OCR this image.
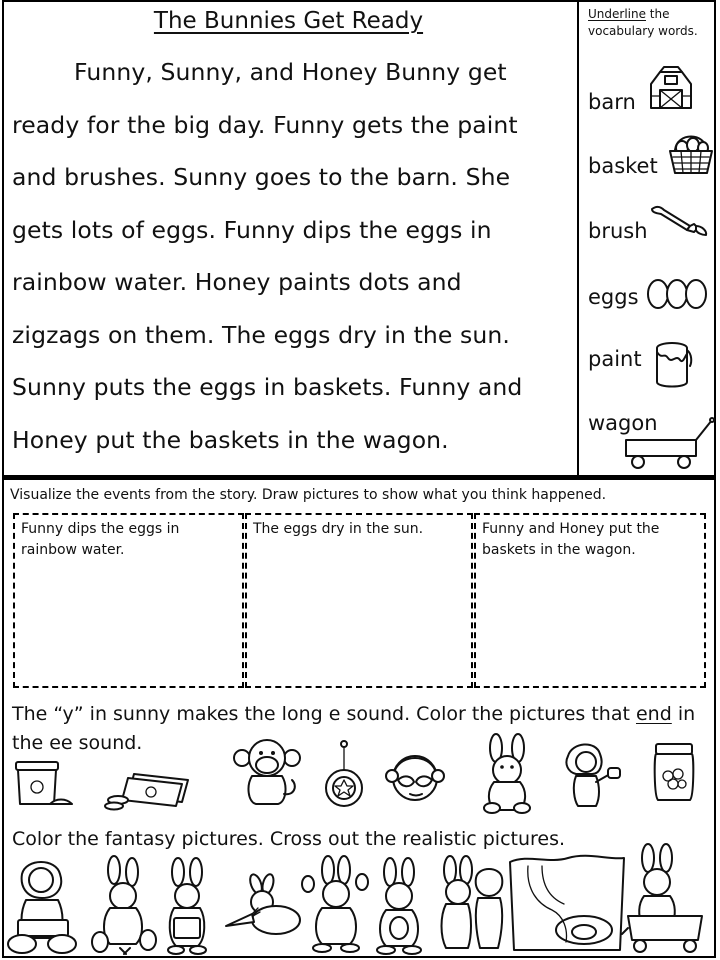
The Bunnies Get Ready
Funny, Sunny, and Honey Bunny get
ready for the big day. Funny gets the paint
and brushes. Sunny goes to the barn. She
gets lots of eggs. Funny dips the eggs in
rainbow water. Honey paints dots and
zigzags on them. The eggs dry in the sun.
Sunny puts the eggs in baskets. Funny and
Honey put the baskets in the wagon.
Underline the vocabulary words.
barn
basket
brush
eggs
paint
wagon
Visualize the events from the story. Draw pictures to show what you think happened.
Funny dips the eggs in rainbow water.
The eggs dry in the sun.	Funny and Honey put the baskets in the wagon.
The “y” in sunny makes the long e sound. Color the pictures that end in the ee sound.
Color the fantasy pictures. Cross out the realistic pictures.
